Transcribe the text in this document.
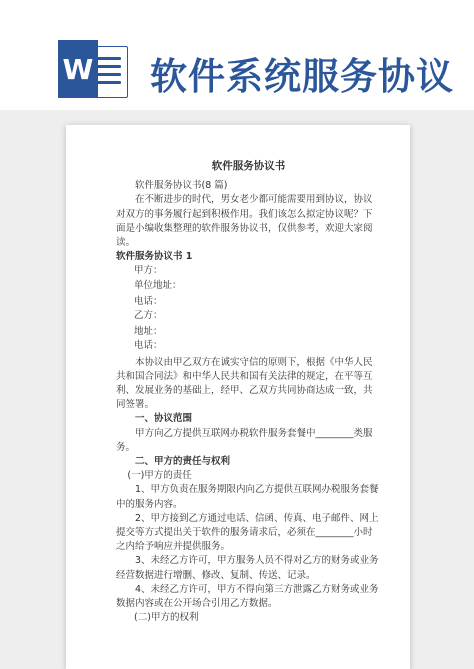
W 软件系统服务协议

软件服务协议书

软件服务协议书(8 篇)

在不断进步的时代，男女老少都可能需要用到协议，协议对双方的事务履行起到积极作用。我们该怎么拟定协议呢？下面是小编收集整理的软件服务协议书，仅供参考，欢迎大家阅读。

软件服务协议书 1

甲方：

单位地址：

电话：

乙方：

地址：

电话：

本协议由甲乙双方在诚实守信的原则下，根据《中华人民共和国合同法》和中华人民共和国有关法律的规定，在平等互利、发展业务的基础上，经甲、乙双方共同协商达成一致，共同签署。

一、协议范围

甲方向乙方提供互联网办税软件服务套餐中________类服务。

二、甲方的责任与权利

(一)甲方的责任

1、甲方负责在服务期限内向乙方提供互联网办税服务套餐中的服务内容。

2、甲方接到乙方通过电话、信函、传真、电子邮件、网上提交等方式提出关于软件的服务请求后，必须在________小时之内给予响应并提供服务。

3、未经乙方许可，甲方服务人员不得对乙方的财务或业务经营数据进行增删、修改、复制、传送、记录。

4、未经乙方许可，甲方不得向第三方泄露乙方财务或业务数据内容或在公开场合引用乙方数据。

(二)甲方的权利
